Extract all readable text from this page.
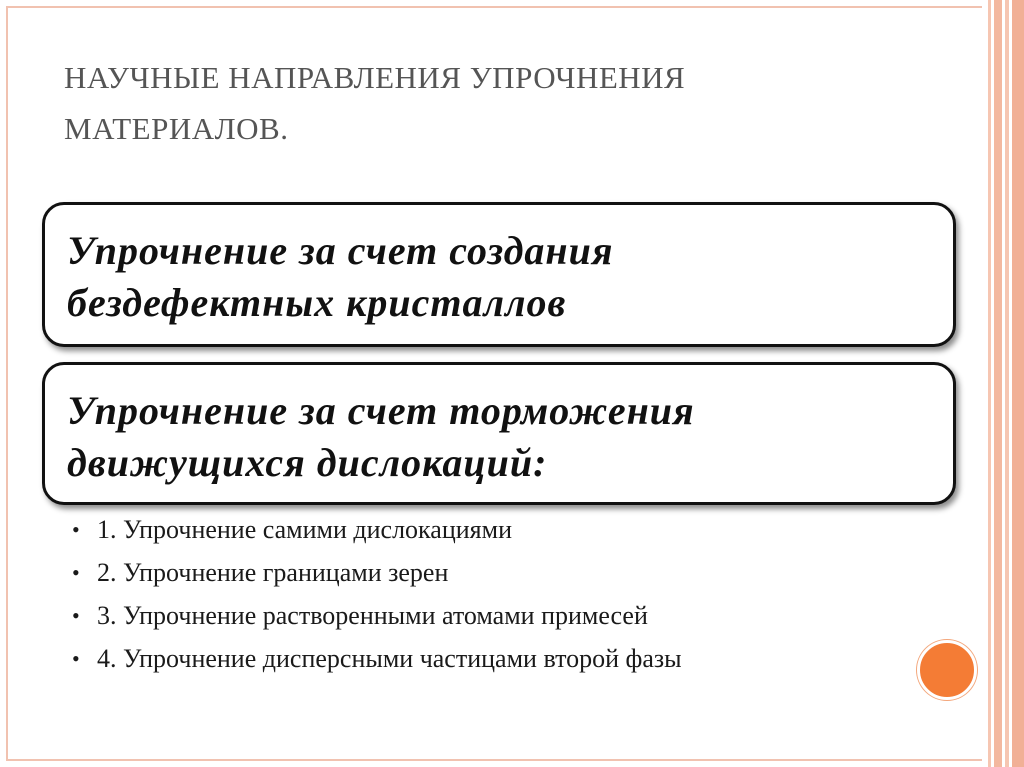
НАУЧНЫЕ НАПРАВЛЕНИЯ УПРОЧНЕНИЯ
МАТЕРИАЛОВ.
Упрочнение за счет создания
бездефектных кристаллов
Упрочнение за счет торможения
движущихся дислокаций:
• 1. Упрочнение самими дислокациями
• 2. Упрочнение границами зерен
• 3. Упрочнение растворенными атомами примесей
• 4. Упрочнение дисперсными частицами второй фазы
